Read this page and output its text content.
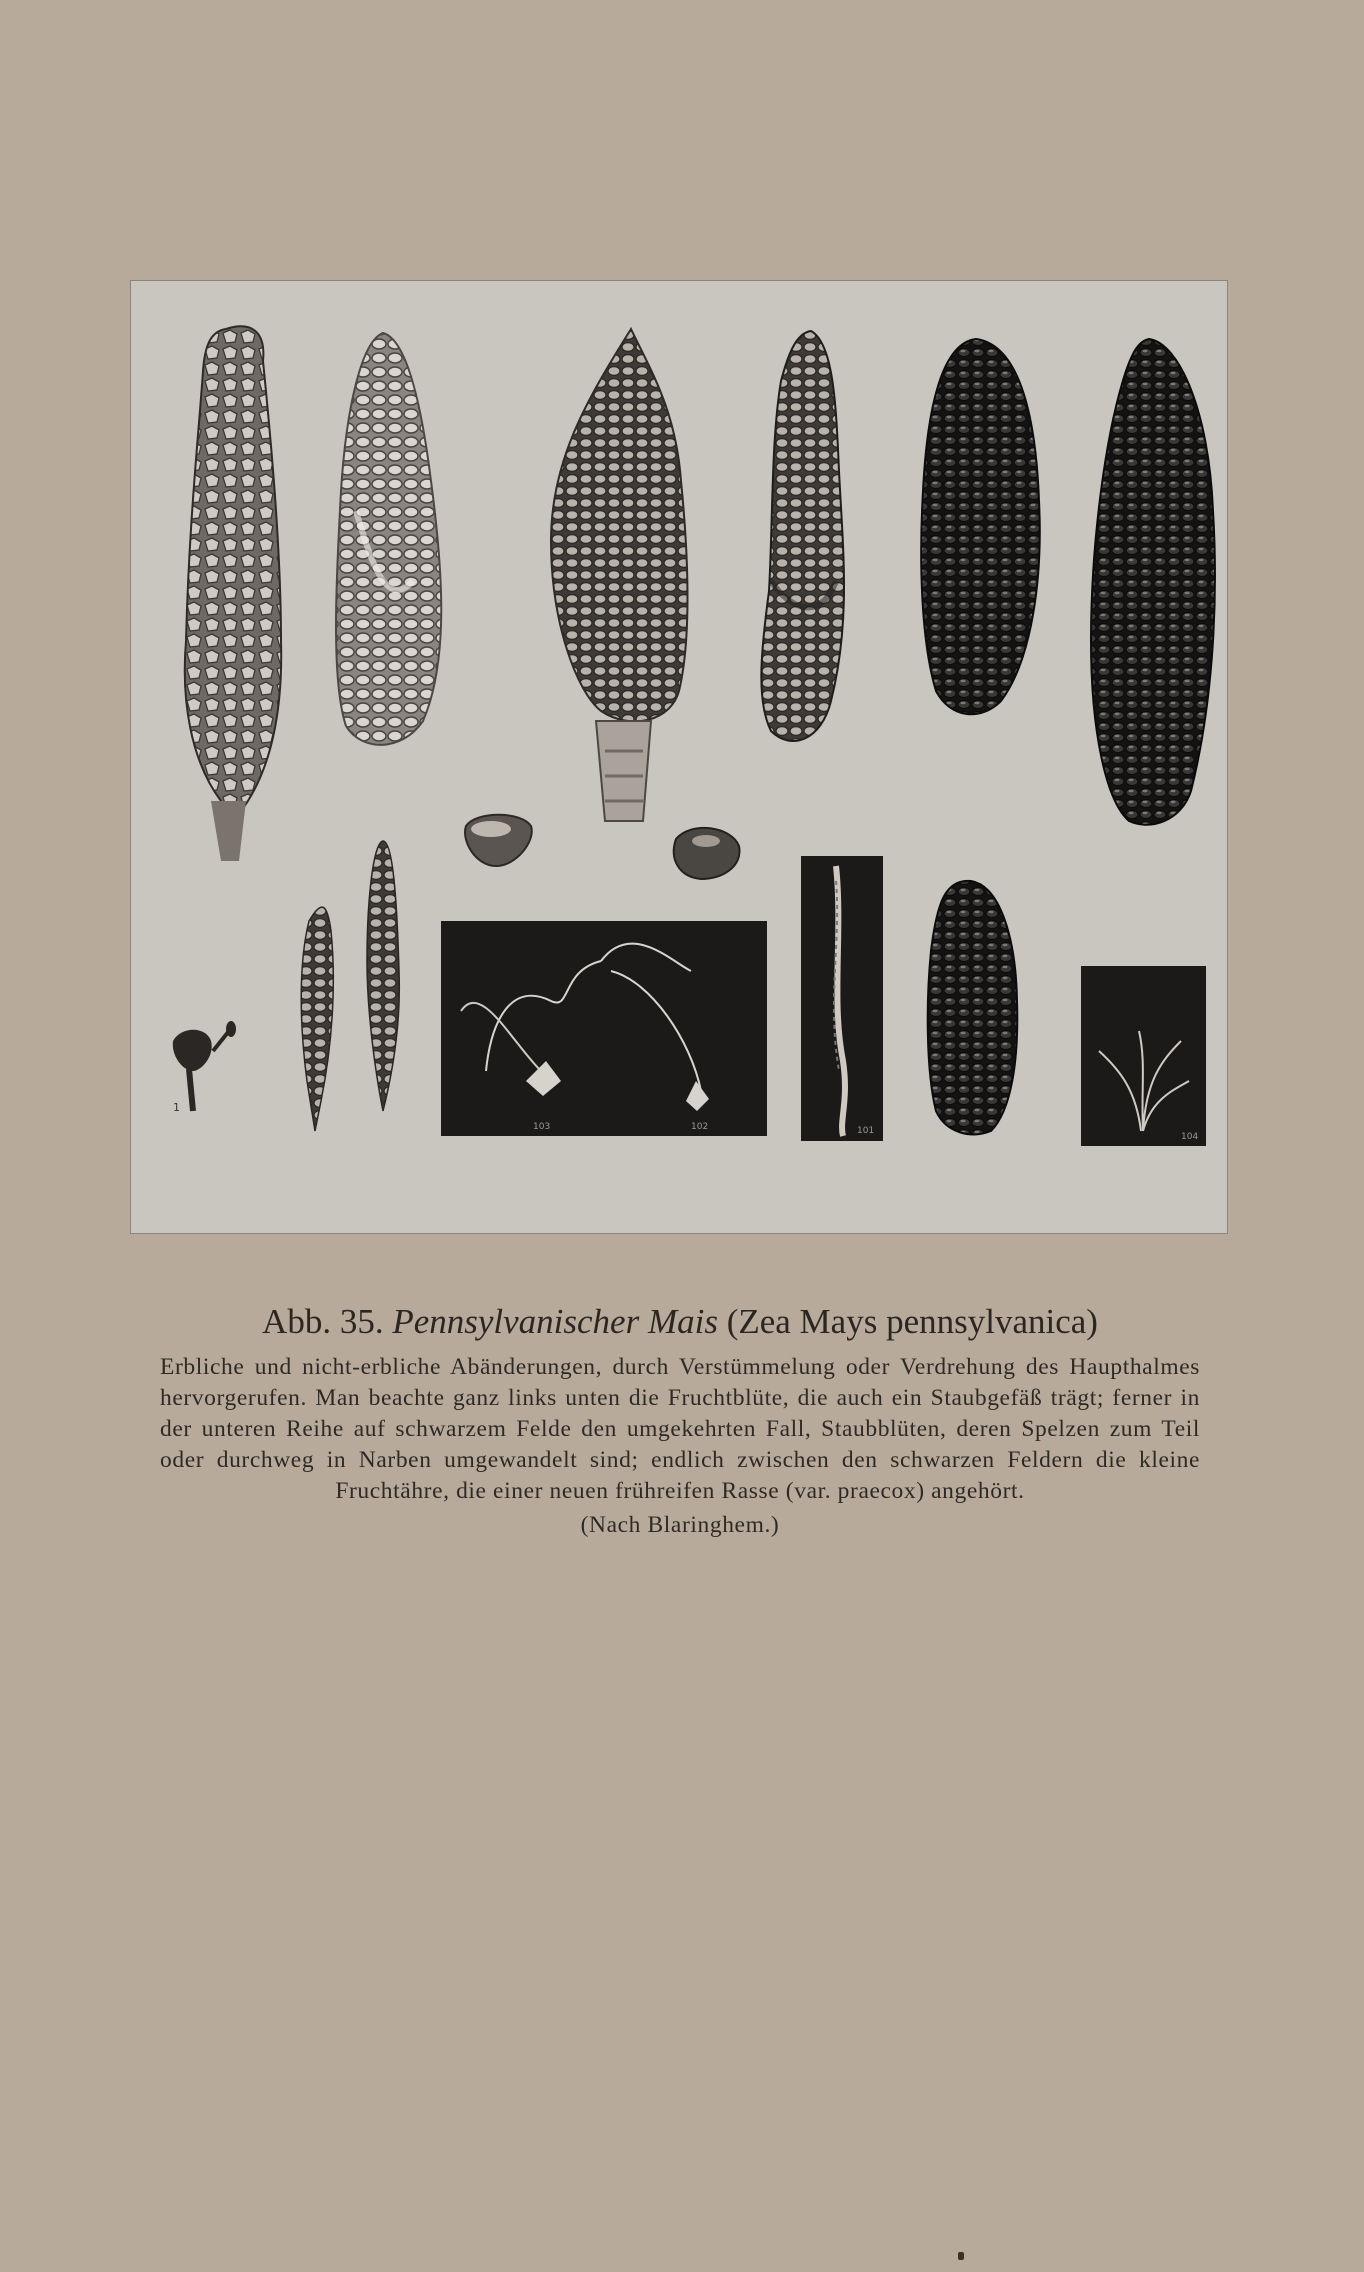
1
103	102	101
104

Abb. 35. Pennsylvanischer Mais (Zea Mays pennsylvanica)

Erbliche und nicht-erbliche Abänderungen, durch Verstümmelung oder Verdrehung des Haupthalmes hervorgerufen. Man beachte ganz links unten die Fruchtblüte, die auch ein Staubgefäß trägt; ferner in der unteren Reihe auf schwarzem Felde den umgekehrten Fall, Staubblüten, deren Spelzen zum Teil oder durchweg in Narben umgewandelt sind; endlich zwischen den schwarzen Feldern die kleine Fruchtähre, die einer neuen frühreifen Rasse (var. praecox) angehört.

(Nach Blaringhem.)
